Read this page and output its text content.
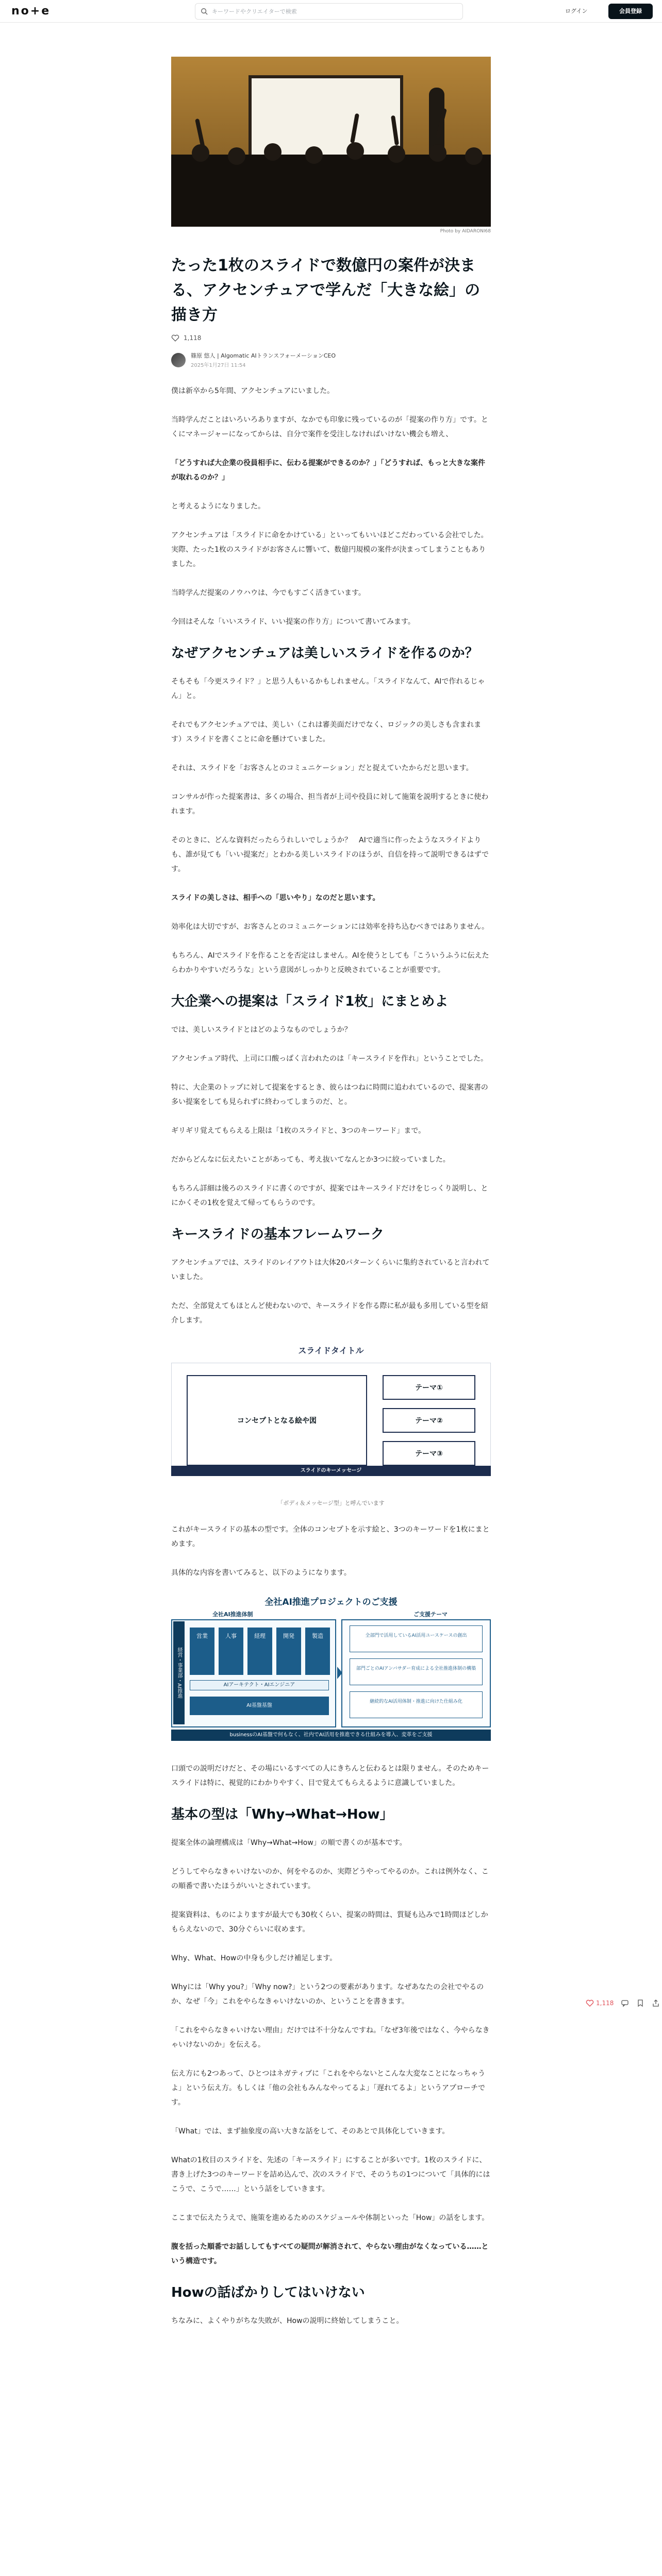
no+e	キーワードやクリエイターで検索	ログイン	会員登録
Photo by AIDARONI68
たった1枚のスライドで数億円の案件が決まる、アクセンチュアで学んだ「大きな絵」の描き方
1,118
篠原 悠人 | Algomatic AIトランスフォーメーションCEO
2025年1月27日 11:54

僕は新卒から5年間、アクセンチュアにいました。

当時学んだことはいろいろありますが、なかでも印象に残っているのが「提案の作り方」です。とくにマネージャーになってからは、自分で案件を受注しなければいけない機会も増え、

「どうすれば大企業の役員相手に、伝わる提案ができるのか？」「どうすれば、もっと大きな案件が取れるのか？」

と考えるようになりました。

アクセンチュアは「スライドに命をかけている」といってもいいほどこだわっている会社でした。実際、たった1枚のスライドがお客さんに響いて、数億円規模の案件が決まってしまうこともありました。

当時学んだ提案のノウハウは、今でもすごく活きています。

今回はそんな「いいスライド、いい提案の作り方」について書いてみます。

なぜアクセンチュアは美しいスライドを作るのか？

そもそも「今更スライド？」と思う人もいるかもしれません。「スライドなんて、AIで作れるじゃん」と。

それでもアクセンチュアでは、美しい（これは審美面だけでなく、ロジックの美しさも含まれます）スライドを書くことに命を懸けていました。

それは、スライドを「お客さんとのコミュニケーション」だと捉えていたからだと思います。

コンサルが作った提案書は、多くの場合、担当者が上司や役員に対して施策を説明するときに使われます。

そのときに、どんな資料だったらうれしいでしょうか？　AIで適当に作ったようなスライドよりも、誰が見ても「いい提案だ」とわかる美しいスライドのほうが、自信を持って説明できるはずです。

スライドの美しさは、相手への「思いやり」なのだと思います。

効率化は大切ですが、お客さんとのコミュニケーションには効率を持ち込むべきではありません。

もちろん、AIでスライドを作ることを否定はしません。AIを使うとしても「こういうふうに伝えたらわかりやすいだろうな」という意図がしっかりと反映されていることが重要です。

大企業への提案は「スライド1枚」にまとめよ

では、美しいスライドとはどのようなものでしょうか？

アクセンチュア時代、上司に口酸っぱく言われたのは「キースライドを作れ」ということでした。

特に、大企業のトップに対して提案をするとき、彼らはつねに時間に追われているので、提案書の多い提案をしても見られずに終わってしまうのだ、と。

ギリギリ覚えてもらえる上限は「1枚のスライドと、3つのキーワード」まで。

だからどんなに伝えたいことがあっても、考え抜いてなんとか3つに絞っていました。

もちろん詳細は後ろのスライドに書くのですが、提案ではキースライドだけをじっくり説明し、とにかくその1枚を覚えて帰ってもらうのです。

キースライドの基本フレームワーク

アクセンチュアでは、スライドのレイアウトは大体20パターンくらいに集約されていると言われていました。

ただ、全部覚えてもほとんど使わないので、キースライドを作る際に私が最も多用している型を紹介します。

スライドタイトル
コンセプトとなる絵や図
テーマ①
テーマ②
テーマ③
スライドのキーメッセージ
「ボディ＆メッセージ型」と呼んでいます

これがキースライドの基本の型です。全体のコンセプトを示す絵と、3つのキーワードを1枚にまとめます。

具体的な内容を書いてみると、以下のようになります。

全社AI推進プロジェクトのご支援
全社AI推進体制	ご支援テーマ
経営・事業部・AI推進
営業	人事	経理	開発	製造
AIアーキテクト・AIエンジニア
AI基盤基盤
全部門で活用しているAI活用ユースケースの創出
部門ごとのAIアンバサダー育成による全社推進体制の構築
継続的なAI活用体制・推進に向けた仕組み化
businessのAI基盤で何もなく、社内でAI活用を推進できる仕組みを導入、変革をご支援

口頭での説明だけだと、その場にいるすべての人にきちんと伝わるとは限りません。そのためキースライドは特に、視覚的にわかりやすく、目で覚えてもらえるように意識していました。

基本の型は「Why→What→How」

提案全体の論理構成は「Why→What→How」の順で書くのが基本です。

どうしてやらなきゃいけないのか、何をやるのか、実際どうやってやるのか。これは例外なく、この順番で書いたほうがいいとされています。

提案資料は、ものによりますが最大でも30枚くらい、提案の時間は、質疑も込みで1時間ほどしかもらえないので、30分ぐらいに収めます。

Why、What、Howの中身も少しだけ補足します。

Whyには「Why you?」「Why now?」という2つの要素があります。なぜあなたの会社でやるのか、なぜ「今」これをやらなきゃいけないのか、ということを書きます。

「これをやらなきゃいけない理由」だけでは不十分なんですね。「なぜ3年後ではなく、今やらなきゃいけないのか」を伝える。

伝え方にも2つあって、ひとつはネガティブに「これをやらないとこんな大変なことになっちゃうよ」という伝え方。もしくは「他の会社もみんなやってるよ」「遅れてるよ」というアプローチです。

「What」では、まず抽象度の高い大きな話をして、そのあとで具体化していきます。

Whatの1枚目のスライドを、先述の「キースライド」にすることが多いです。1枚のスライドに、書き上げた3つのキーワードを詰め込んで、次のスライドで、そのうちの1つについて「具体的にはこうで、こうで……」という話をしていきます。

ここまで伝えたうえで、施策を進めるためのスケジュールや体制といった「How」の話をします。

腹を括った順番でお話ししてもすべての疑問が解消されて、やらない理由がなくなっている……という構造です。

Howの話ばかりしてはいけない

ちなみに、よくやりがちな失敗が、Howの説明に終始してしまうこと。

1,118
